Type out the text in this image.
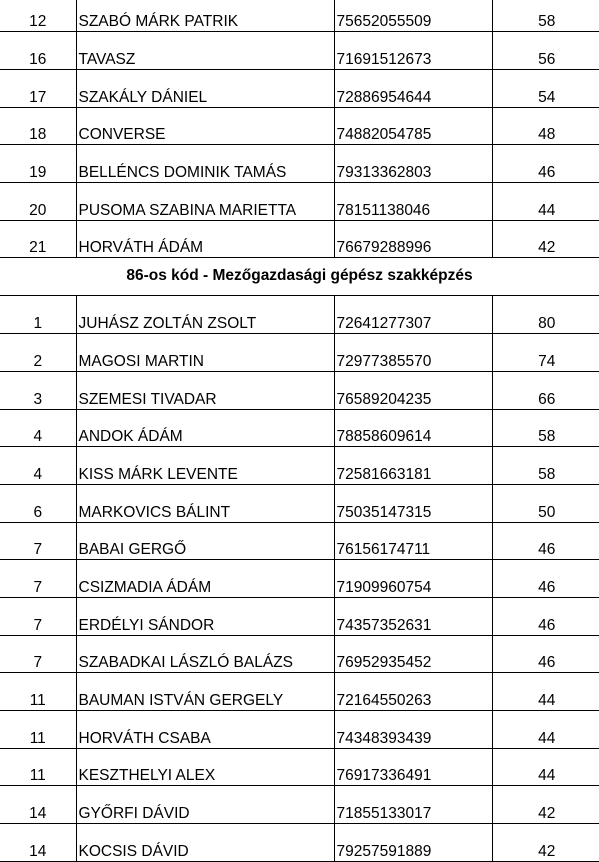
12	SZABÓ MÁRK PATRIK	75652055509	58
16	TAVASZ	71691512673	56
17	SZAKÁLY DÁNIEL	72886954644	54
18	CONVERSE	74882054785	48
19	BELLÉNCS DOMINIK TAMÁS	79313362803	46
20	PUSOMA SZABINA MARIETTA	78151138046	44
21	HORVÁTH ÁDÁM	76679288996	42
86-os kód - Mezőgazdasági gépész szakképzés
1	JUHÁSZ ZOLTÁN ZSOLT	72641277307	80
2	MAGOSI MARTIN	72977385570	74
3	SZEMESI TIVADAR	76589204235	66
4	ANDOK ÁDÁM	78858609614	58
4	KISS MÁRK LEVENTE	72581663181	58
6	MARKOVICS BÁLINT	75035147315	50
7	BABAI GERGŐ	76156174711	46
7	CSIZMADIA ÁDÁM	71909960754	46
7	ERDÉLYI SÁNDOR	74357352631	46
7	SZABADKAI LÁSZLÓ BALÁZS	76952935452	46
11	BAUMAN ISTVÁN GERGELY	72164550263	44
11	HORVÁTH CSABA	74348393439	44
11	KESZTHELYI ALEX	76917336491	44
14	GYŐRFI DÁVID	71855133017	42
14	KOCSIS DÁVID	79257591889	42
